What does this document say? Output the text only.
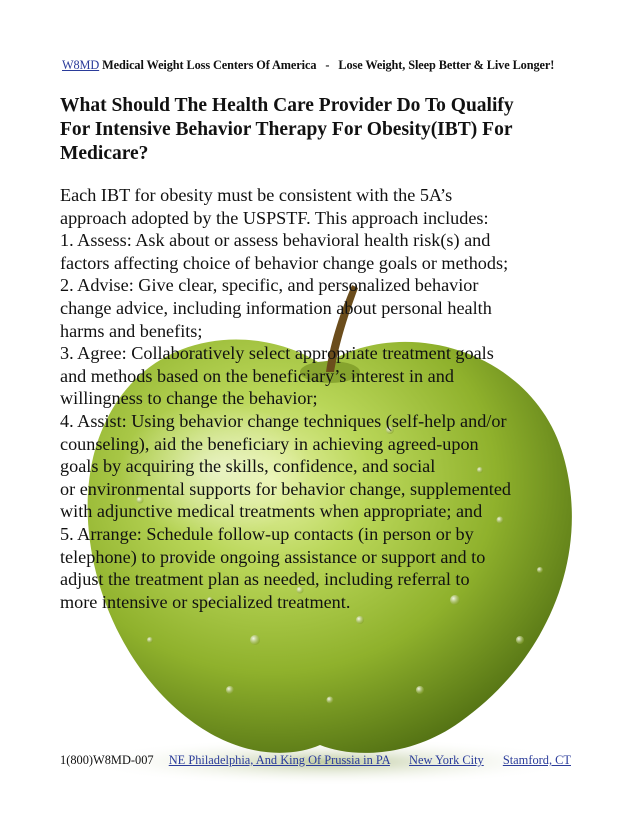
W8MD Medical Weight Loss Centers Of America - Lose Weight, Sleep Better & Live Longer!
What Should The Health Care Provider Do To Qualify
For Intensive Behavior Therapy For Obesity(IBT) For
Medicare?
Each IBT for obesity must be consistent with the 5A’s
approach adopted by the USPSTF. This approach includes:
1. Assess: Ask about or assess behavioral health risk(s) and
factors affecting choice of behavior change goals or methods;
2. Advise: Give clear, specific, and personalized behavior
change advice, including information about personal health
harms and benefits;
3. Agree: Collaboratively select appropriate treatment goals
and methods based on the beneficiary’s interest in and
willingness to change the behavior;
4. Assist: Using behavior change techniques (self-help and/or
counseling), aid the beneficiary in achieving agreed-upon
goals by acquiring the skills, confidence, and social
or environmental supports for behavior change, supplemented
with adjunctive medical treatments when appropriate; and
5. Arrange: Schedule follow-up contacts (in person or by
telephone) to provide ongoing assistance or support and to
adjust the treatment plan as needed, including referral to
more intensive or specialized treatment.
1(800)W8MD-007 NE Philadelphia, And King Of Prussia in PA New York City Stamford, CT
